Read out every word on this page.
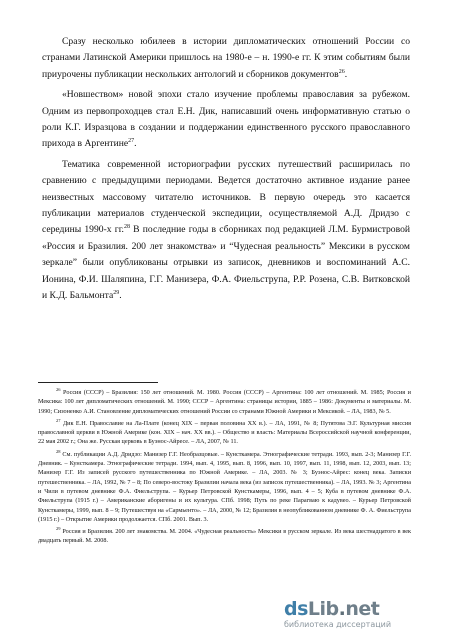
Сразу несколько юбилеев в истории дипломатических отношений России со странами Латинской Америки пришлось на 1980-е – н. 1990-е гг. К этим событиям были приурочены публикации нескольких антологий и сборников документов$^{26}$.

«Новшеством» новой эпохи стало изучение проблемы православия за рубежом. Одним из первопроходцев стал Е.Н. Дик, написавший очень информативную статью о роли К.Г. Изразцова в создании и поддержании единственного русского православного прихода в Аргентине$^{27}$.

Тематика современной историографии русских путешествий расширилась по сравнению с предыдущими периодами. Ведется достаточно активное издание ранее неизвестных массовому читателю источников. В первую очередь это касается публикации материалов студенческой экспедиции, осуществляемой А.Д. Дридзо с середины 1990-х гг.$^{28}$ В последние годы в сборниках под редакцией Л.М. Бурмистровой «Россия и Бразилия. 200 лет знакомства» и “Чудесная реальность” Мексики в русском зеркале” были опубликованы отрывки из записок, дневников и воспоминаний А.С. Ионина, Ф.И. Шаляпина, Г.Г. Манизера, Ф.А. Фиельструпа, Р.Р. Розена, С.В. Витковской и К.Д. Бальмонта$^{29}$.

$^{26}$ Россия (СССР) – Бразилия: 150 лет отношений. М. 1980. Россия (СССР) – Аргентина: 100 лет отношений. М. 1985; Россия и Мексика: 100 лет дипломатических отношений. М. 1990; СССР – Аргентина: страницы истории, 1885 – 1986: Документы и материалы. М. 1990; Сизоненко А.И. Становление дипломатических отношений России со странами Южной Америки и Мексикой. – ЛА, 1983, № 5.

$^{27}$ Дик Е.Н. Православие на Ла-Плате (конец XIX – первая половина XX в.). – ЛА, 1991, № 8; Путятова Э.Г. Культурная миссия православной церкви в Южной Америке (кон. XIX – нач. XX вв.). – Общество и власть: Материалы Всероссийской научной конференции, 22 мая 2002 г.; Она же. Русская церковь в Буэнос-Айресе. – ЛА, 2007, № 11.

$^{28}$ См. публикации А.Д. Дридзо: Манизер Г.Г. Необразцовые. – Кунсткамера. Этнографические тетради. 1993, вып. 2-3; Манизер Г.Г. Дневник. – Кунсткамера. Этнографические тетради. 1994, вып. 4, 1995, вып. 8, 1996, вып. 10, 1997, вып. 11, 1998, вып. 12, 2003, вып. 13; Манизер Г.Г. Из записей русского путешественника по Южной Америке. – ЛА, 2003. № 3; Буэнос-Айрес: конец века. Записки путешественника. – ЛА, 1992, № 7 – 8; По северо-востоку Бразилии начала века (из записок путешественника). – ЛА, 1993. № 3; Аргентина и Чили в путевом дневнике Ф.А. Фиельструпа. – Курьер Петровской Кунсткамеры, 1996, вып. 4 – 5; Куба в путевом дневнике Ф.А. Фиельструпа (1915 г.) – Американские аборигены и их культура. СПб. 1998; Путь по реке Парагваю к кадувео. – Курьер Петровской Кунсткамеры, 1999, вып. 8 – 9; Путешествуя на «Сармьенто». – ЛА, 2000, № 12; Бразилия в неопубликованном дневнике Ф. А. Фиельструпа (1915 г.) – Открытие Америки продолжается. СПб. 2001. Вып. 3.

$^{29}$ Россия и Бразилия. 200 лет знакомства. М. 2004. «Чудесная реальность» Мексики в русском зеркале. Из века шестнадцатого в век двадцать первый. М. 2008.

dsLib.net
библиотека диссертаций
